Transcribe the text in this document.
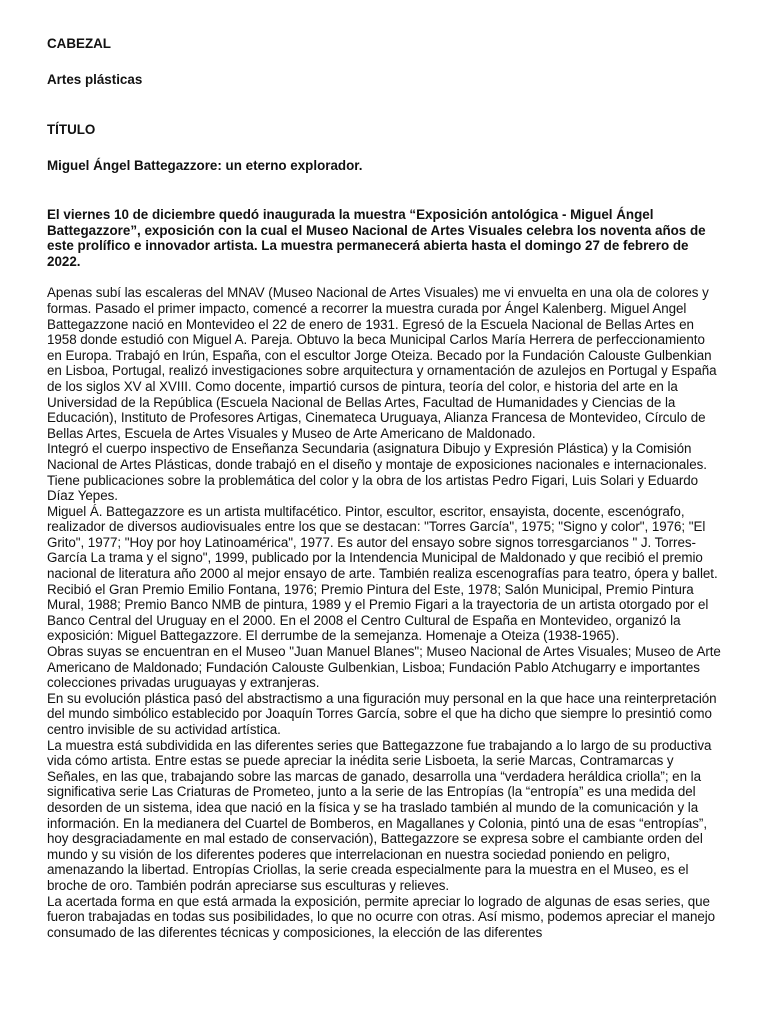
CABEZAL

Artes plásticas

TÍTULO

Miguel Ángel Battegazzore: un eterno explorador.

El viernes 10 de diciembre quedó inaugurada la muestra “Exposición antológica - Miguel Ángel Battegazzore”, exposición con la cual el Museo Nacional de Artes Visuales celebra los noventa años de este prolífico e innovador artista. La muestra permanecerá abierta hasta el domingo 27 de febrero de 2022.

Apenas subí las escaleras del MNAV (Museo Nacional de Artes Visuales) me vi envuelta en una ola de colores y formas. Pasado el primer impacto, comencé a recorrer la muestra curada por Ángel Kalenberg. Miguel Angel Battegazzone nació en Montevideo el 22 de enero de 1931. Egresó de la Escuela Nacional de Bellas Artes en 1958 donde estudió con Miguel A. Pareja. Obtuvo la beca Municipal Carlos María Herrera de perfeccionamiento en Europa. Trabajó en Irún, España, con el escultor Jorge Oteiza. Becado por la Fundación Calouste Gulbenkian en Lisboa, Portugal, realizó investigaciones sobre arquitectura y ornamentación de azulejos en Portugal y España de los siglos XV al XVIII. Como docente, impartió cursos de pintura, teoría del color, e historia del arte en la Universidad de la República (Escuela Nacional de Bellas Artes, Facultad de Humanidades y Ciencias de la Educación), Instituto de Profesores Artigas, Cinemateca Uruguaya, Alianza Francesa de Montevideo, Círculo de Bellas Artes, Escuela de Artes Visuales y Museo de Arte Americano de Maldonado.

Integró el cuerpo inspectivo de Enseñanza Secundaria (asignatura Dibujo y Expresión Plástica) y la Comisión Nacional de Artes Plásticas, donde trabajó en el diseño y montaje de exposiciones nacionales e internacionales. Tiene publicaciones sobre la problemática del color y la obra de los artistas Pedro Figari, Luis Solari y Eduardo Díaz Yepes.

Miguel Á. Battegazzore es un artista multifacético. Pintor, escultor, escritor, ensayista, docente, escenógrafo, realizador de diversos audiovisuales entre los que se destacan: "Torres García", 1975; "Signo y color", 1976; "El Grito", 1977; "Hoy por hoy Latinoamérica", 1977. Es autor del ensayo sobre signos torresgarcianos " J. Torres-García La trama y el signo", 1999, publicado por la Intendencia Municipal de Maldonado y que recibió el premio nacional de literatura año 2000 al mejor ensayo de arte. También realiza escenografías para teatro, ópera y ballet. Recibió el Gran Premio Emilio Fontana, 1976; Premio Pintura del Este, 1978; Salón Municipal, Premio Pintura Mural, 1988; Premio Banco NMB de pintura, 1989 y el Premio Figari a la trayectoria de un artista otorgado por el Banco Central del Uruguay en el 2000. En el 2008 el Centro Cultural de España en Montevideo, organizó la exposición: Miguel Battegazzore. El derrumbe de la semejanza. Homenaje a Oteiza (1938-1965).

Obras suyas se encuentran en el Museo "Juan Manuel Blanes"; Museo Nacional de Artes Visuales; Museo de Arte Americano de Maldonado; Fundación Calouste Gulbenkian, Lisboa; Fundación Pablo Atchugarry e importantes colecciones privadas uruguayas y extranjeras.

En su evolución plástica pasó del abstractismo a una figuración muy personal en la que hace una reinterpretación del mundo simbólico establecido por Joaquín Torres García, sobre el que ha dicho que siempre lo presintió como centro invisible de su actividad artística.

La muestra está subdividida en las diferentes series que Battegazzone fue trabajando a lo largo de su productiva vida cómo artista. Entre estas se puede apreciar la inédita serie Lisboeta, la serie Marcas, Contramarcas y Señales, en las que, trabajando sobre las marcas de ganado, desarrolla una “verdadera heráldica criolla”; en la significativa serie Las Criaturas de Prometeo, junto a la serie de las Entropías (la “entropía” es una medida del desorden de un sistema, idea que nació en la física y se ha traslado también al mundo de la comunicación y la información. En la medianera del Cuartel de Bomberos, en Magallanes y Colonia, pintó una de esas “entropías”, hoy desgraciadamente en mal estado de conservación), Battegazzore se expresa sobre el cambiante orden del mundo y su visión de los diferentes poderes que interrelacionan en nuestra sociedad poniendo en peligro, amenazando la libertad. Entropías Criollas, la serie creada especialmente para la muestra en el Museo, es el broche de oro. También podrán apreciarse sus esculturas y relieves.

La acertada forma en que está armada la exposición, permite apreciar lo logrado de algunas de esas series, que fueron trabajadas en todas sus posibilidades, lo que no ocurre con otras. Así mismo, podemos apreciar el manejo consumado de las diferentes técnicas y composiciones, la elección de las diferentes
